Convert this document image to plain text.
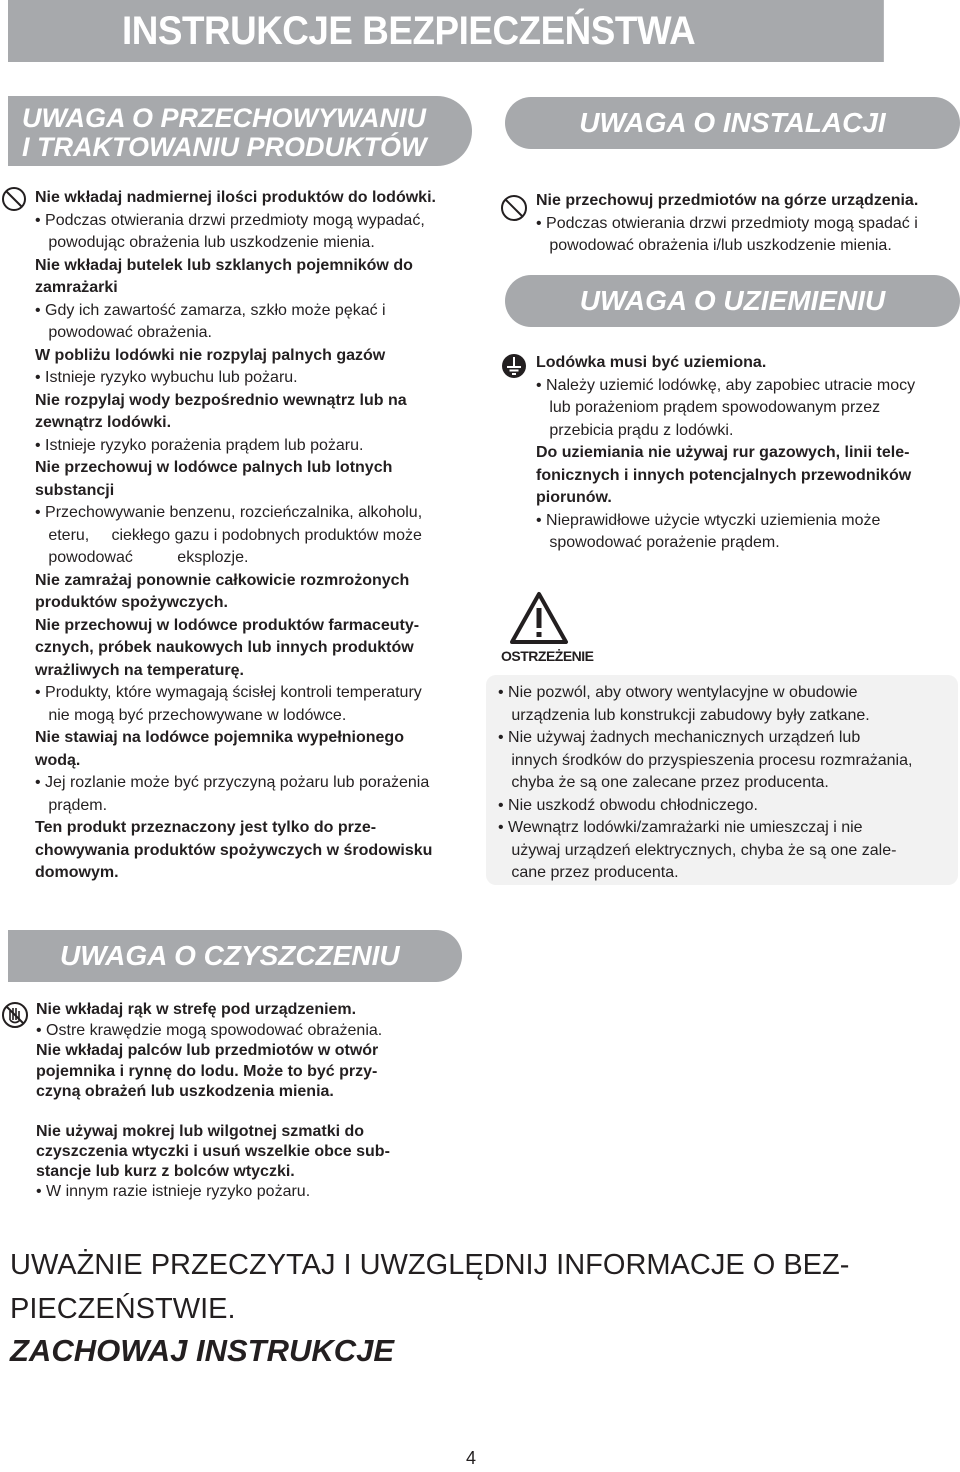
INSTRUKCJE BEZPIECZEŃSTWA
UWAGA O PRZECHOWYWANIU
I TRAKTOWANIU PRODUKTÓW
Nie wkładaj nadmiernej ilości produktów do lodówki.
• Podczas otwierania drzwi przedmioty mogą wypadać,
powodując obrażenia lub uszkodzenie mienia.
Nie wkładaj butelek lub szklanych pojemników do
zamrażarki
• Gdy ich zawartość zamarza, szkło może pękać i
powodować obrażenia.
W pobliżu lodówki nie rozpylaj palnych gazów
• Istnieje ryzyko wybuchu lub pożaru.
Nie rozpylaj wody bezpośrednio wewnątrz lub na
zewnątrz lodówki.
• Istnieje ryzyko porażenia prądem lub pożaru.
Nie przechowuj w lodówce palnych lub lotnych
substancji
• Przechowywanie benzenu, rozcieńczalnika, alkoholu,
eteru,     ciekłego gazu i podobnych produktów może
powodować          eksplozje.
Nie zamrażaj ponownie całkowicie rozmrożonych
produktów spożywczych.
Nie przechowuj w lodówce produktów farmaceuty-
cznych, próbek naukowych lub innych produktów
wrażliwych na temperaturę.
• Produkty, które wymagają ścisłej kontroli temperatury
nie mogą być przechowywane w lodówce.
Nie stawiaj na lodówce pojemnika wypełnionego
wodą.
• Jej rozlanie może być przyczyną pożaru lub porażenia
prądem.
Ten produkt przeznaczony jest tylko do prze-
chowywania produktów spożywczych w środowisku
domowym.
UWAGA O INSTALACJI
Nie przechowuj przedmiotów na górze urządzenia.
• Podczas otwierania drzwi przedmioty mogą spadać i
powodować obrażenia i/lub uszkodzenie mienia.
UWAGA O UZIEMIENIU
Lodówka musi być uziemiona.
• Należy uziemić lodówkę, aby zapobiec utracie mocy
lub porażeniom prądem spowodowanym przez
przebicia prądu z lodówki.
Do uziemiania nie używaj rur gazowych, linii tele-
fonicznych i innych potencjalnych przewodników
piorunów.
• Nieprawidłowe użycie wtyczki uziemienia może
spowodować porażenie prądem.
OSTRZEŻENIE
• Nie pozwól, aby otwory wentylacyjne w obudowie
urządzenia lub konstrukcji zabudowy były zatkane.
• Nie używaj żadnych mechanicznych urządzeń lub
innych środków do przyspieszenia procesu rozmrażania,
chyba że są one zalecane przez producenta.
• Nie uszkodź obwodu chłodniczego.
• Wewnątrz lodówki/zamrażarki nie umieszczaj i nie
używaj urządzeń elektrycznych, chyba że są one zale-
cane przez producenta.
UWAGA O CZYSZCZENIU
Nie wkładaj rąk w strefę pod urządzeniem.
• Ostre krawędzie mogą spowodować obrażenia.
Nie wkładaj palców lub przedmiotów w otwór
pojemnika i rynnę do lodu. Może to być przy-
czyną obrażeń lub uszkodzenia mienia.
Nie używaj mokrej lub wilgotnej szmatki do
czyszczenia wtyczki i usuń wszelkie obce sub-
stancje lub kurz z bolców wtyczki.
• W innym razie istnieje ryzyko pożaru.
UWAŻNIE PRZECZYTAJ I UWZGLĘDNIJ INFORMACJE O BEZ-
PIECZEŃSTWIE.
ZACHOWAJ INSTRUKCJE
4
